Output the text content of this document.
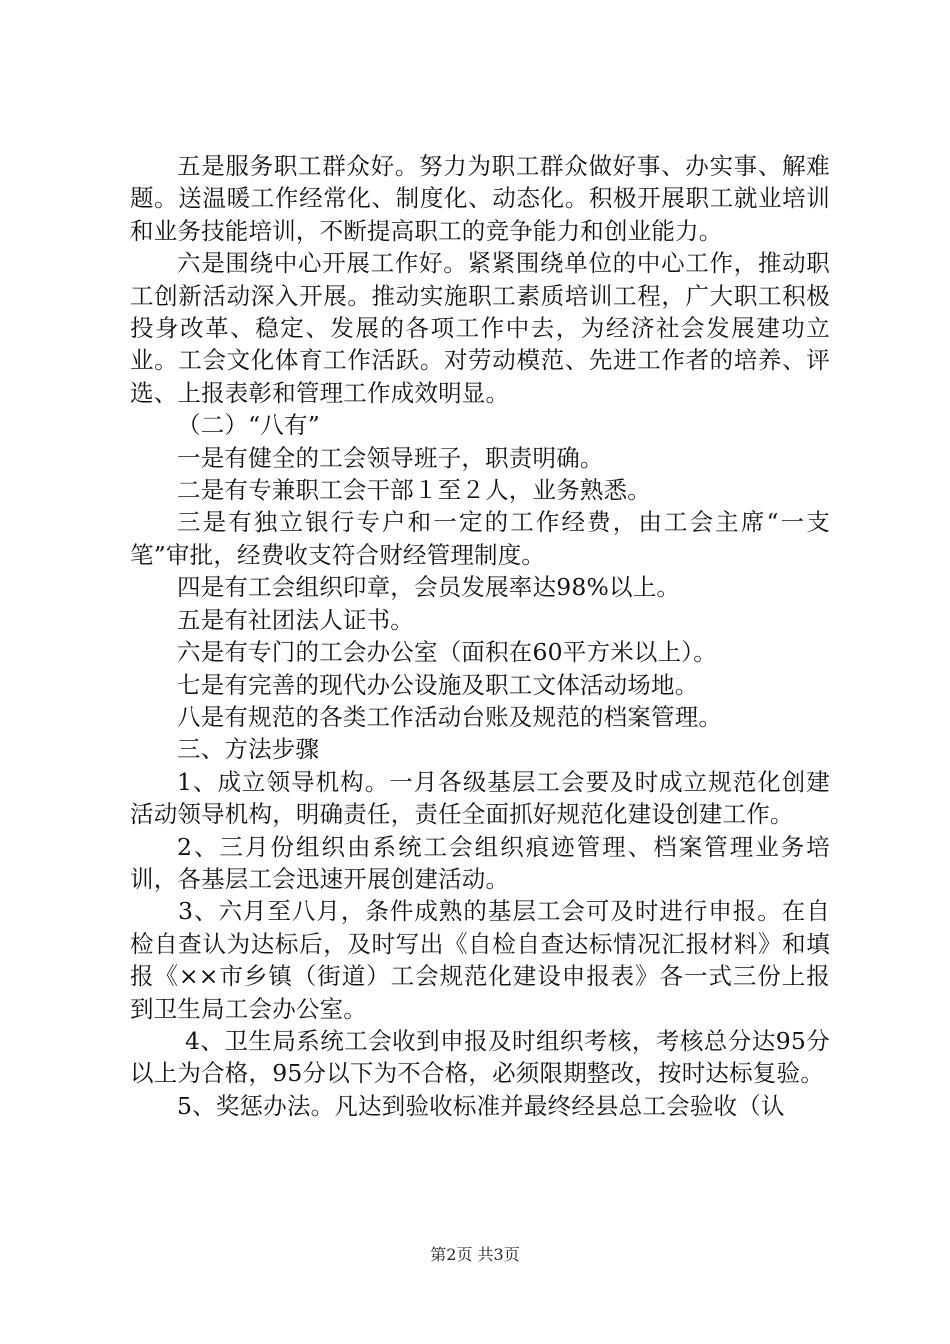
五是服务职工群众好。努力为职工群众做好事、办实事、解难题。送温暖工作经常化、制度化、动态化。积极开展职工就业培训和业务技能培训，不断提高职工的竞争能力和创业能力。

六是围绕中心开展工作好。紧紧围绕单位的中心工作，推动职工创新活动深入开展。推动实施职工素质培训工程，广大职工积极投身改革、稳定、发展的各项工作中去，为经济社会发展建功立业。工会文化体育工作活跃。对劳动模范、先进工作者的培养、评选、上报表彰和管理工作成效明显。

（二）“八有”

一是有健全的工会领导班子，职责明确。

二是有专兼职工会干部１至２人，业务熟悉。

三是有独立银行专户和一定的工作经费，由工会主席“一支笔”审批，经费收支符合财经管理制度。

四是有工会组织印章，会员发展率达98%以上。

五是有社团法人证书。

六是有专门的工会办公室（面积在60平方米以上）。

七是有完善的现代办公设施及职工文体活动场地。

八是有规范的各类工作活动台账及规范的档案管理。

三、方法步骤

1、成立领导机构。一月各级基层工会要及时成立规范化创建活动领导机构，明确责任，责任全面抓好规范化建设创建工作。

2、三月份组织由系统工会组织痕迹管理、档案管理业务培训，各基层工会迅速开展创建活动。

3、六月至八月，条件成熟的基层工会可及时进行申报。在自检自查认为达标后，及时写出《自检自查达标情况汇报材料》和填报《××市乡镇（街道）工会规范化建设申报表》各一式三份上报到卫生局工会办公室。

4、卫生局系统工会收到申报及时组织考核，考核总分达95分以上为合格，95分以下为不合格，必须限期整改，按时达标复验。

5、奖惩办法。凡达到验收标准并最终经县总工会验收（认

第2页 共3页
